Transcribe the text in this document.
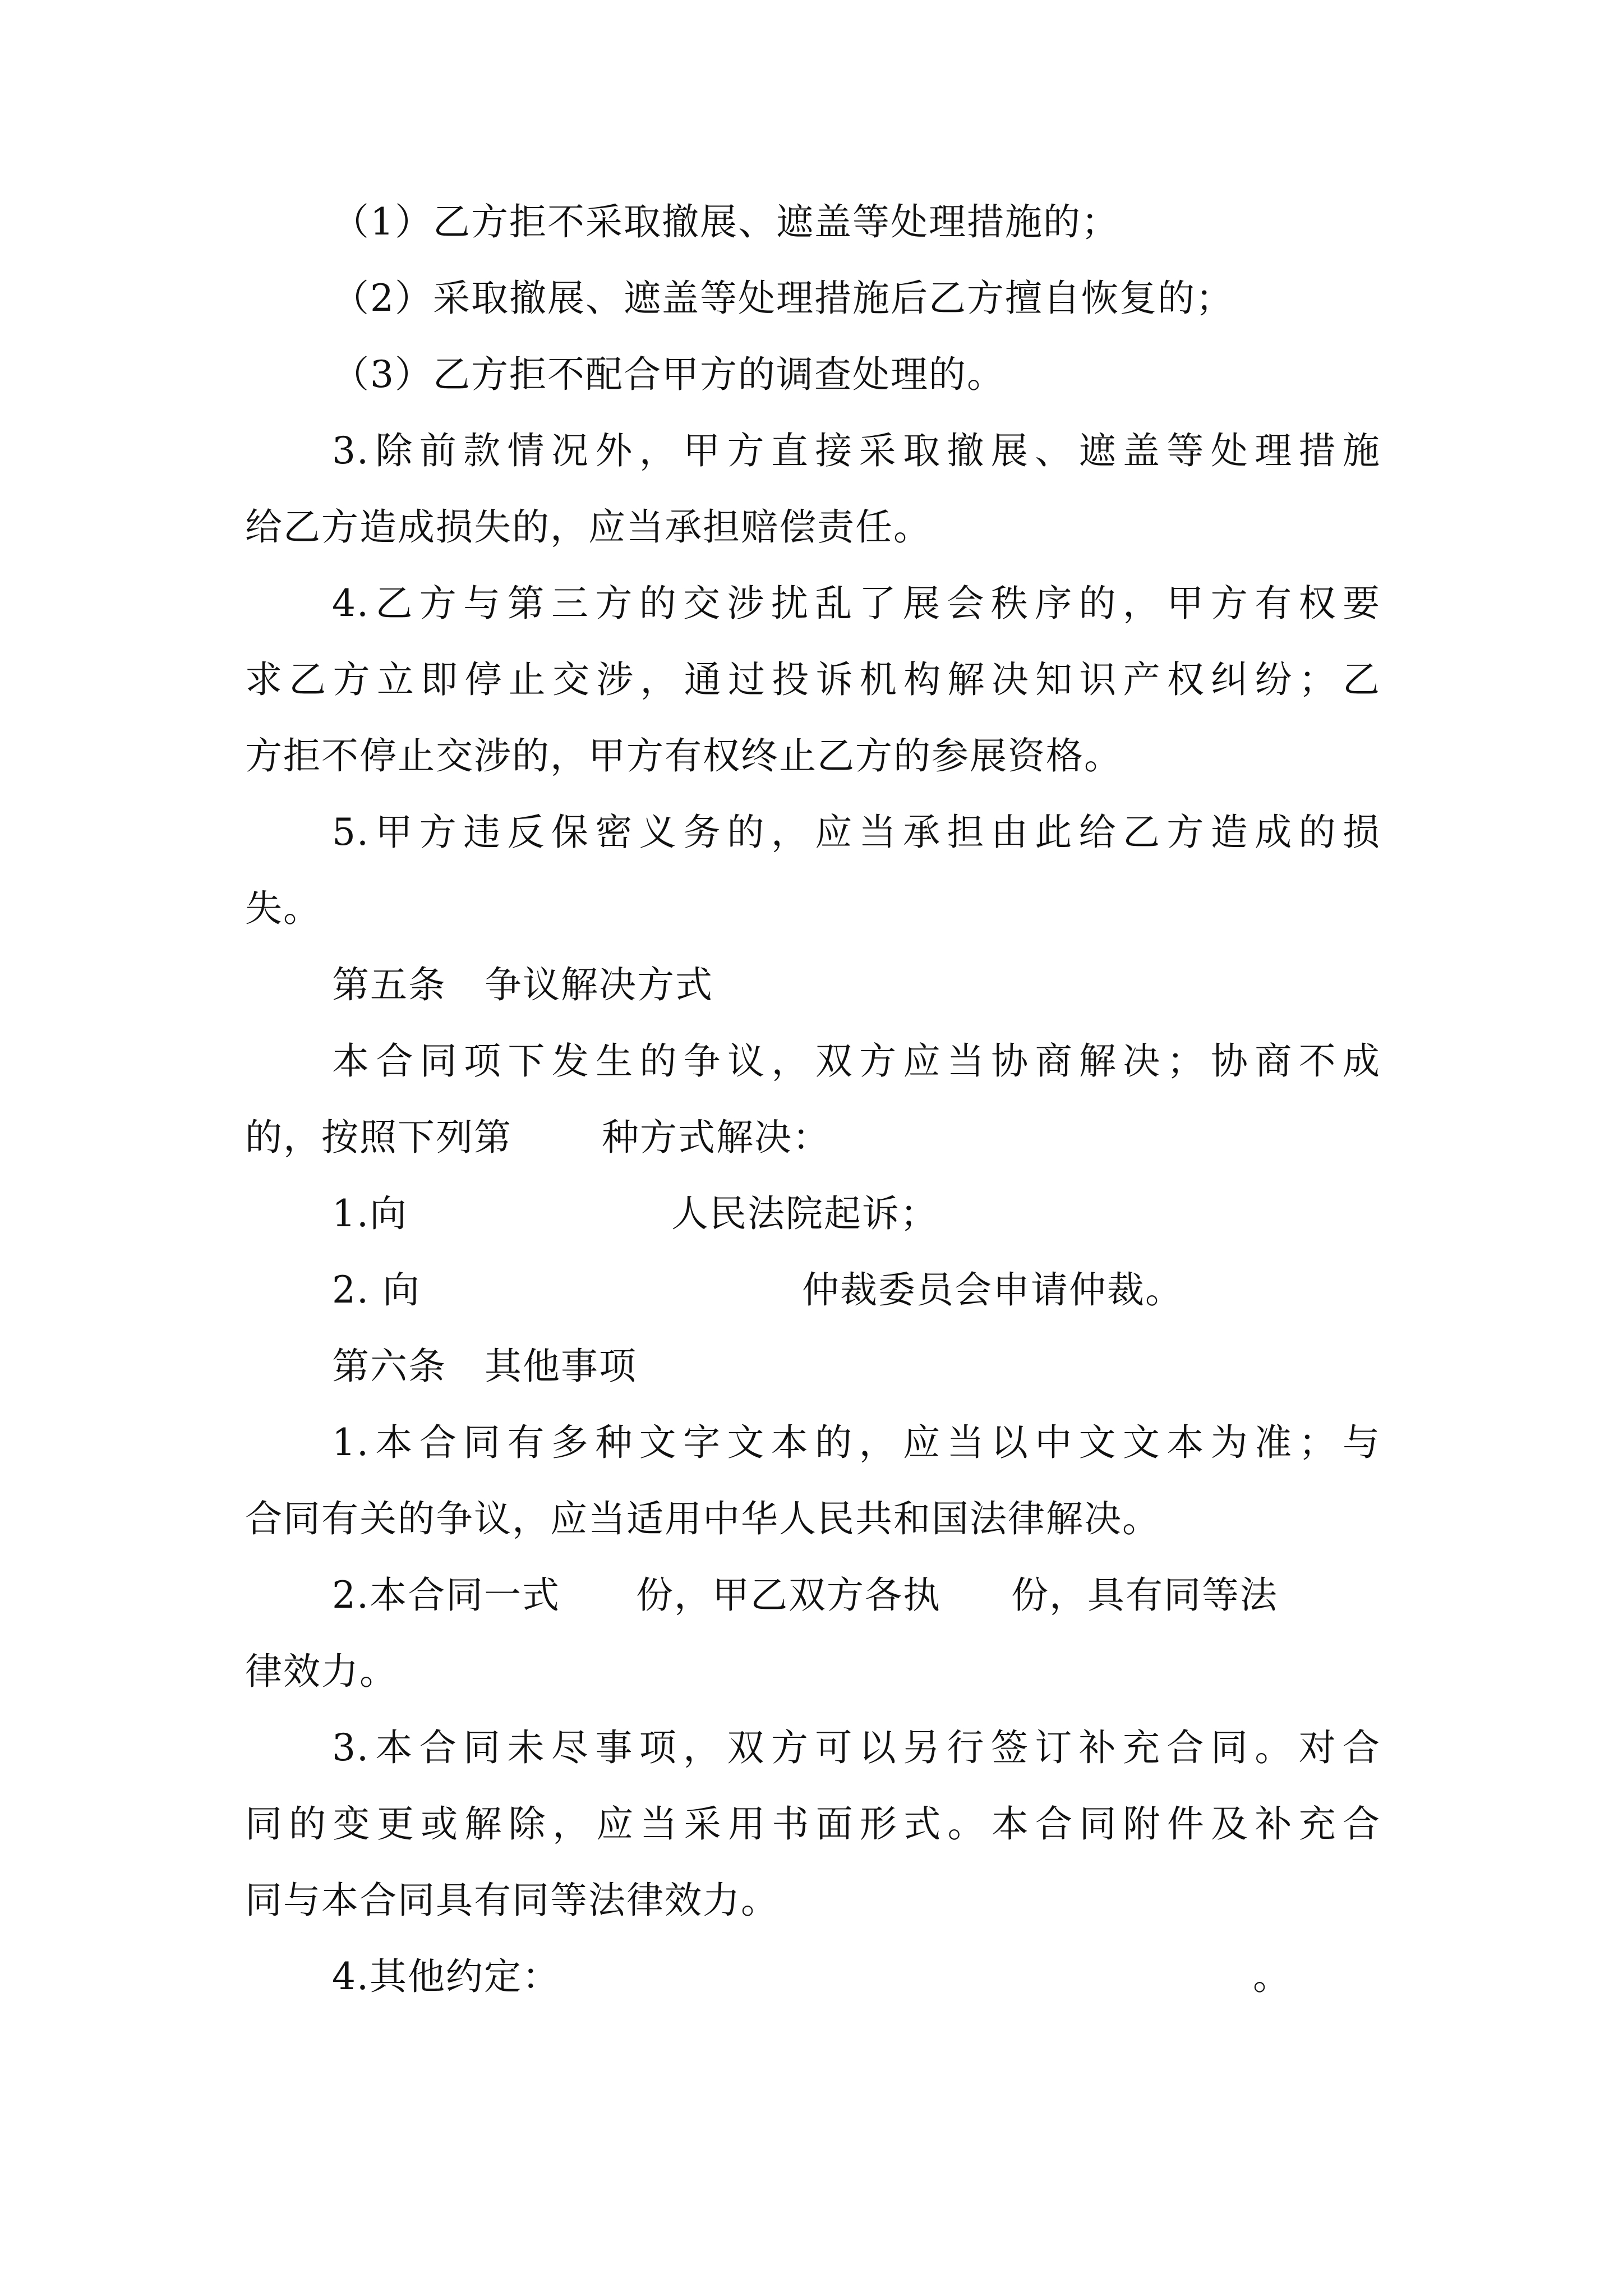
（1）乙方拒不采取撤展、遮盖等处理措施的；
（2）采取撤展、遮盖等处理措施后乙方擅自恢复的；
（3）乙方拒不配合甲方的调查处理的。
3.除前款情况外，甲方直接采取撤展、遮盖等处理措施
给乙方造成损失的，应当承担赔偿责任。
4.乙方与第三方的交涉扰乱了展会秩序的，甲方有权要
求乙方立即停止交涉，通过投诉机构解决知识产权纠纷；乙
方拒不停止交涉的，甲方有权终止乙方的参展资格。
5.甲方违反保密义务的，应当承担由此给乙方造成的损
失。
第五条　争议解决方式
本合同项下发生的争议，双方应当协商解决；协商不成
的，按照下列第 种方式解决：
1.向	人民法院起诉；
2. 向	仲裁委员会申请仲裁。
第六条　其他事项
1.本合同有多种文字文本的，应当以中文文本为准；与
合同有关的争议，应当适用中华人民共和国法律解决。
2.本合同一式 份，甲乙双方各执 份，具有同等法
律效力。
3.本合同未尽事项，双方可以另行签订补充合同。对合
同的变更或解除，应当采用书面形式。本合同附件及补充合
同与本合同具有同等法律效力。
4.其他约定：	。
